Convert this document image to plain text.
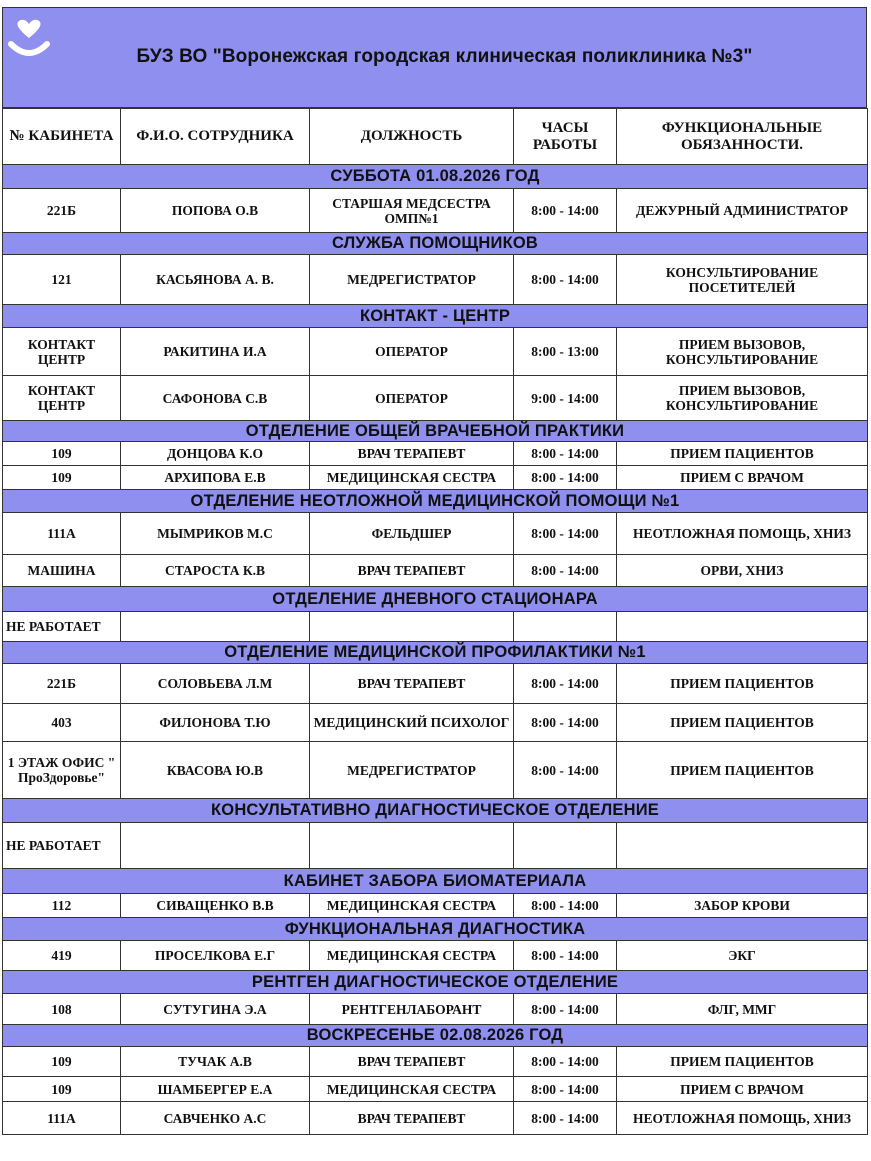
БУЗ ВО "Воронежская городская клиническая поликлиника №3"
№ КАБИНЕТА	Ф.И.О. СОТРУДНИКА	ДОЛЖНОСТЬ	ЧАСЫ РАБОТЫ	ФУНКЦИОНАЛЬНЫЕ ОБЯЗАННОСТИ.
СУББОТА 01.08.2026 ГОД				
221Б	ПОПОВА О.В	СТАРШАЯ МЕДСЕСТРА ОМП№1	8:00 - 14:00	ДЕЖУРНЫЙ АДМИНИСТРАТОР
СЛУЖБА ПОМОЩНИКОВ				
121	КАСЬЯНОВА А. В.	МЕДРЕГИСТРАТОР	8:00 - 14:00	КОНСУЛЬТИРОВАНИЕ ПОСЕТИТЕЛЕЙ
КОНТАКТ - ЦЕНТР				
КОНТАКТ ЦЕНТР	РАКИТИНА И.А	ОПЕРАТОР	8:00 - 13:00	ПРИЕМ ВЫЗОВОВ, КОНСУЛЬТИРОВАНИЕ
КОНТАКТ ЦЕНТР	САФОНОВА С.В	ОПЕРАТОР	9:00 - 14:00	ПРИЕМ ВЫЗОВОВ, КОНСУЛЬТИРОВАНИЕ
ОТДЕЛЕНИЕ ОБЩЕЙ ВРАЧЕБНОЙ ПРАКТИКИ				
109	ДОНЦОВА К.О	ВРАЧ ТЕРАПЕВТ	8:00 - 14:00	ПРИЕМ ПАЦИЕНТОВ
109	АРХИПОВА Е.В	МЕДИЦИНСКАЯ СЕСТРА	8:00 - 14:00	ПРИЕМ С ВРАЧОМ
ОТДЕЛЕНИЕ НЕОТЛОЖНОЙ МЕДИЦИНСКОЙ ПОМОЩИ №1				
111А	МЫМРИКОВ М.С	ФЕЛЬДШЕР	8:00 - 14:00	НЕОТЛОЖНАЯ ПОМОЩЬ, ХНИЗ
МАШИНА	СТАРОСТА К.В	ВРАЧ ТЕРАПЕВТ	8:00 - 14:00	ОРВИ, ХНИЗ
ОТДЕЛЕНИЕ ДНЕВНОГО СТАЦИОНАРА				
НЕ РАБОТАЕТ				
ОТДЕЛЕНИЕ МЕДИЦИНСКОЙ ПРОФИЛАКТИКИ №1				
221Б	СОЛОВЬЕВА Л.М	ВРАЧ ТЕРАПЕВТ	8:00 - 14:00	ПРИЕМ ПАЦИЕНТОВ
403	ФИЛОНОВА Т.Ю	МЕДИЦИНСКИЙ ПСИХОЛОГ	8:00 - 14:00	ПРИЕМ ПАЦИЕНТОВ
1 ЭТАЖ ОФИС " ПроЗдоровье"	КВАСОВА Ю.В	МЕДРЕГИСТРАТОР	8:00 - 14:00	ПРИЕМ ПАЦИЕНТОВ
КОНСУЛЬТАТИВНО ДИАГНОСТИЧЕСКОЕ ОТДЕЛЕНИЕ				
НЕ РАБОТАЕТ				
КАБИНЕТ ЗАБОРА БИОМАТЕРИАЛА				
112	СИВАЩЕНКО В.В	МЕДИЦИНСКАЯ СЕСТРА	8:00 - 14:00	ЗАБОР КРОВИ
ФУНКЦИОНАЛЬНАЯ ДИАГНОСТИКА				
419	ПРОСЕЛКОВА Е.Г	МЕДИЦИНСКАЯ СЕСТРА	8:00 - 14:00	ЭКГ
РЕНТГЕН ДИАГНОСТИЧЕСКОЕ ОТДЕЛЕНИЕ				
108	СУТУГИНА Э.А	РЕНТГЕНЛАБОРАНТ	8:00 - 14:00	ФЛГ, ММГ
ВОСКРЕСЕНЬЕ 02.08.2026 ГОД				
109	ТУЧАК А.В	ВРАЧ ТЕРАПЕВТ	8:00 - 14:00	ПРИЕМ ПАЦИЕНТОВ
109	ШАМБЕРГЕР Е.А	МЕДИЦИНСКАЯ СЕСТРА	8:00 - 14:00	ПРИЕМ С ВРАЧОМ
111А	САВЧЕНКО А.С	ВРАЧ ТЕРАПЕВТ	8:00 - 14:00	НЕОТЛОЖНАЯ ПОМОЩЬ, ХНИЗ
